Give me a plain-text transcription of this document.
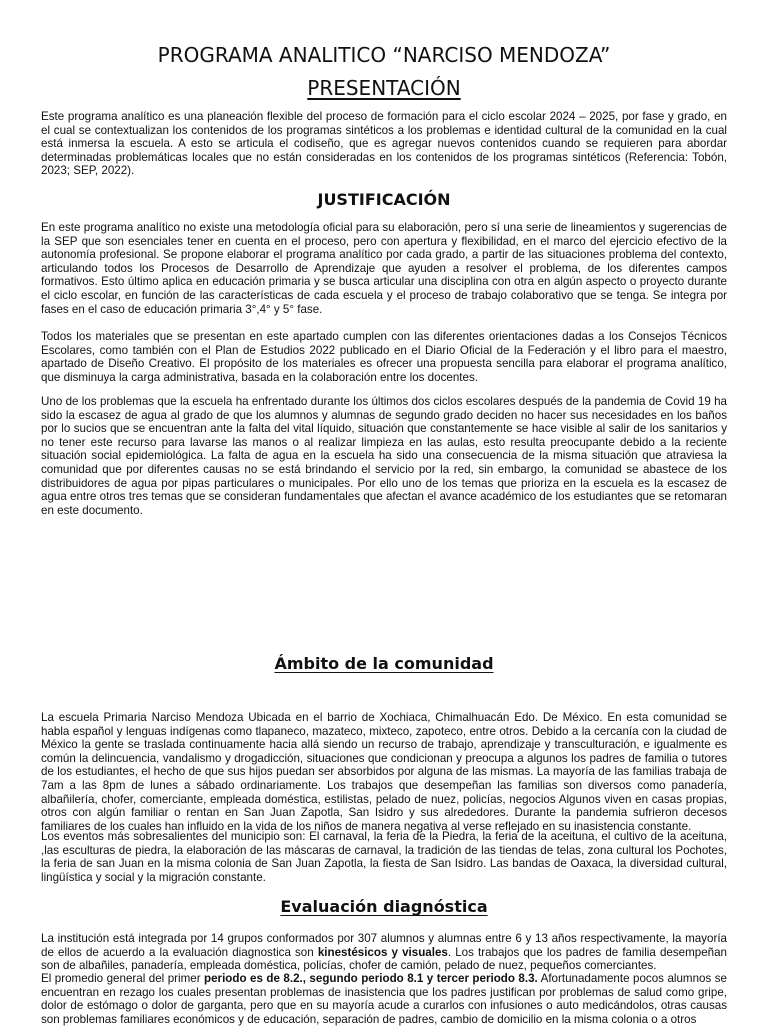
PROGRAMA ANALITICO “NARCISO MENDOZA”
PRESENTACIÓN

Este programa analítico es una planeación flexible del proceso de formación para el ciclo escolar 2024 – 2025, por fase y grado, en el cual se contextualizan los contenidos de los programas sintéticos a los problemas e identidad cultural de la comunidad en la cual está inmersa la escuela. A esto se articula el codiseño, que es agregar nuevos contenidos cuando se requieren para abordar determinadas problemáticas locales que no están consideradas en los contenidos de los programas sintéticos (Referencia: Tobón, 2023; SEP, 2022).

JUSTIFICACIÓN

En este programa analítico no existe una metodología oficial para su elaboración, pero sí una serie de lineamientos y sugerencias de la SEP que son esenciales tener en cuenta en el proceso, pero con apertura y flexibilidad, en el marco del ejercicio efectivo de la autonomía profesional. Se propone elaborar el programa analítico por cada grado, a partir de las situaciones problema del contexto, articulando todos los Procesos de Desarrollo de Aprendizaje que ayuden a resolver el problema, de los diferentes campos formativos. Esto último aplica en educación primaria y se busca articular una disciplina con otra en algún aspecto o proyecto durante el ciclo escolar, en función de las características de cada escuela y el proceso de trabajo colaborativo que se tenga. Se integra por fases en el caso de educación primaria 3°,4° y 5° fase.

Todos los materiales que se presentan en este apartado cumplen con las diferentes orientaciones dadas a los Consejos Técnicos Escolares, como también con el Plan de Estudios 2022 publicado en el Diario Oficial de la Federación y el libro para el maestro, apartado de Diseño Creativo. El propósito de los materiales es ofrecer una propuesta sencilla para elaborar el programa analítico, que disminuya la carga administrativa, basada en la colaboración entre los docentes.

Uno de los problemas que la escuela ha enfrentado durante los últimos dos ciclos escolares después de la pandemia de Covid 19 ha sido la escasez de agua al grado de que los alumnos y alumnas de segundo grado deciden no hacer sus necesidades en los baños por lo sucios que se encuentran ante la falta del vital líquido, situación que constantemente se hace visible al salir de los sanitarios y no tener este recurso para lavarse las manos o al realizar limpieza en las aulas, esto resulta preocupante debido a la reciente situación social epidemiológica. La falta de agua en la escuela ha sido una consecuencia de la misma situación que atraviesa la comunidad que por diferentes causas no se está brindando el servicio por la red, sin embargo, la comunidad se abastece de los distribuidores de agua por pipas particulares o municipales. Por ello uno de los temas que prioriza en la escuela es la escasez de agua entre otros tres temas que se consideran fundamentales que afectan el avance académico de los estudiantes que se retomaran en este documento.

Ámbito de la comunidad

La escuela Primaria Narciso Mendoza Ubicada en el barrio de Xochiaca, Chimalhuacán Edo. De México. En esta comunidad se habla español y lenguas indígenas como tlapaneco, mazateco, mixteco, zapoteco, entre otros. Debido a la cercanía con la ciudad de México la gente se traslada continuamente hacia allá siendo un recurso de trabajo, aprendizaje y transculturación, e igualmente es común la delincuencia, vandalismo y drogadicción, situaciones que condicionan y preocupa a algunos los padres de familia o tutores de los estudiantes, el hecho de que sus hijos puedan ser absorbidos por alguna de las mismas. La mayoría de las familias trabaja de 7am a las 8pm de lunes a sábado ordinariamente. Los trabajos que desempeñan las familias son diversos como panadería, albañilería, chofer, comerciante, empleada doméstica, estilistas, pelado de nuez, policías, negocios Algunos viven en casas propias, otros con algún familiar o rentan en San Juan Zapotla, San Isidro y sus alrededores. Durante la pandemia sufrieron decesos familiares de los cuales han influido en la vida de los niños de manera negativa al verse reflejado en su inasistencia constante.

Los eventos más sobresalientes del municipio son: El carnaval, la feria de la Piedra, la feria de la aceituna, el cultivo de la aceituna, ,las esculturas de piedra, la elaboración de las máscaras de carnaval, la tradición de las tiendas de telas, zona cultural los Pochotes, la feria de san Juan en la misma colonia de San Juan Zapotla, la fiesta de San Isidro. Las bandas de Oaxaca, la diversidad cultural, lingüística y social y la migración constante.

Evaluación diagnóstica

La institución está integrada por 14 grupos conformados por 307 alumnos y alumnas entre 6 y 13 años respectivamente, la mayoría de ellos de acuerdo a la evaluación diagnostica son kinestésicos y visuales. Los trabajos que los padres de familia desempeñan son de albañiles, panadería, empleada doméstica, policías, chofer de camión, pelado de nuez, pequeños comerciantes.

El promedio general del primer periodo es de 8.2., segundo periodo 8.1 y tercer periodo 8.3. Afortunadamente pocos alumnos se encuentran en rezago los cuales presentan problemas de inasistencia que los padres justifican por problemas de salud como gripe, dolor de estómago o dolor de garganta, pero que en su mayoría acude a curarlos con infusiones o auto medicándolos, otras causas son problemas familiares económicos y de educación, separación de padres, cambio de domicilio en la misma colonia o a otros
